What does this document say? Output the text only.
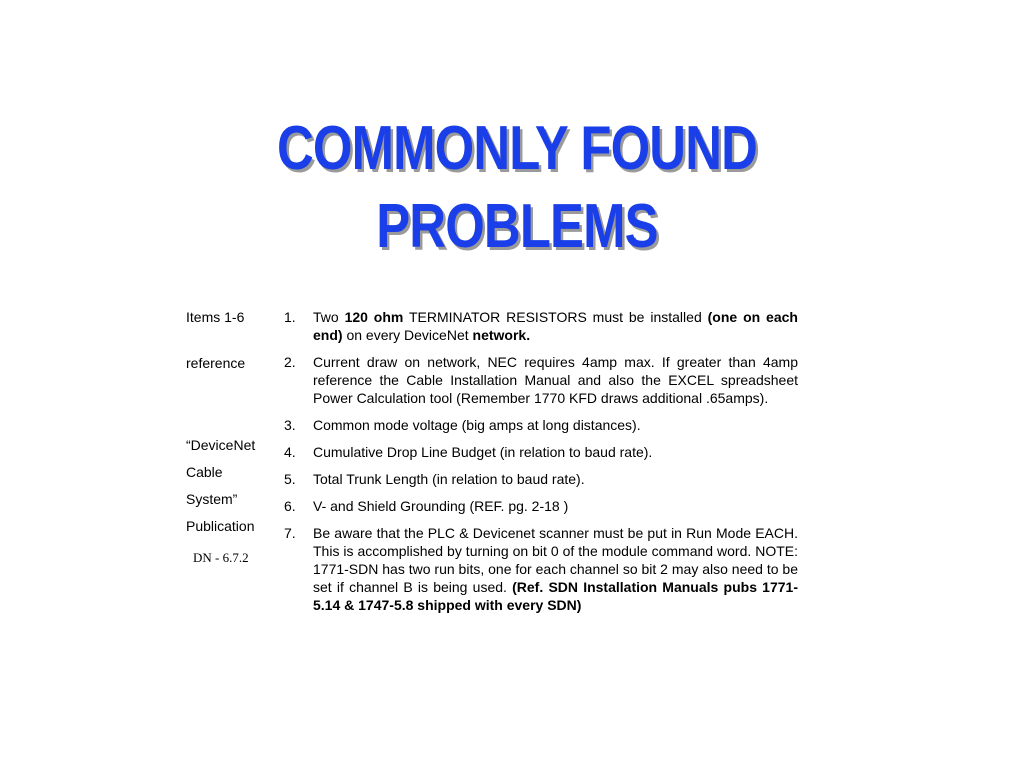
COMMONLY FOUND
PROBLEMS
Items 1-6
reference
“DeviceNet
Cable
System”
Publication
DN - 6.7.2
1.	Two 120 ohm TERMINATOR RESISTORS must be installed (one on each end) on every DeviceNet network.
2.	Current draw on network, NEC requires 4amp max. If greater than 4amp reference the Cable Installation Manual and also the EXCEL spreadsheet Power Calculation tool (Remember 1770 KFD draws additional .65amps).
3.	Common mode voltage (big amps at long distances).
4.	Cumulative Drop Line Budget (in relation to baud rate).
5.	Total Trunk Length (in relation to baud rate).
6.	V- and Shield Grounding (REF. pg. 2-18 )
7.	Be aware that the PLC & Devicenet scanner must be put in Run Mode EACH. This is accomplished by turning on bit 0 of the module command word. NOTE: 1771-SDN has two run bits, one for each channel so bit 2 may also need to be set if channel B is being used. (Ref. SDN Installation Manuals pubs 1771-5.14 & 1747-5.8 shipped with every SDN)
